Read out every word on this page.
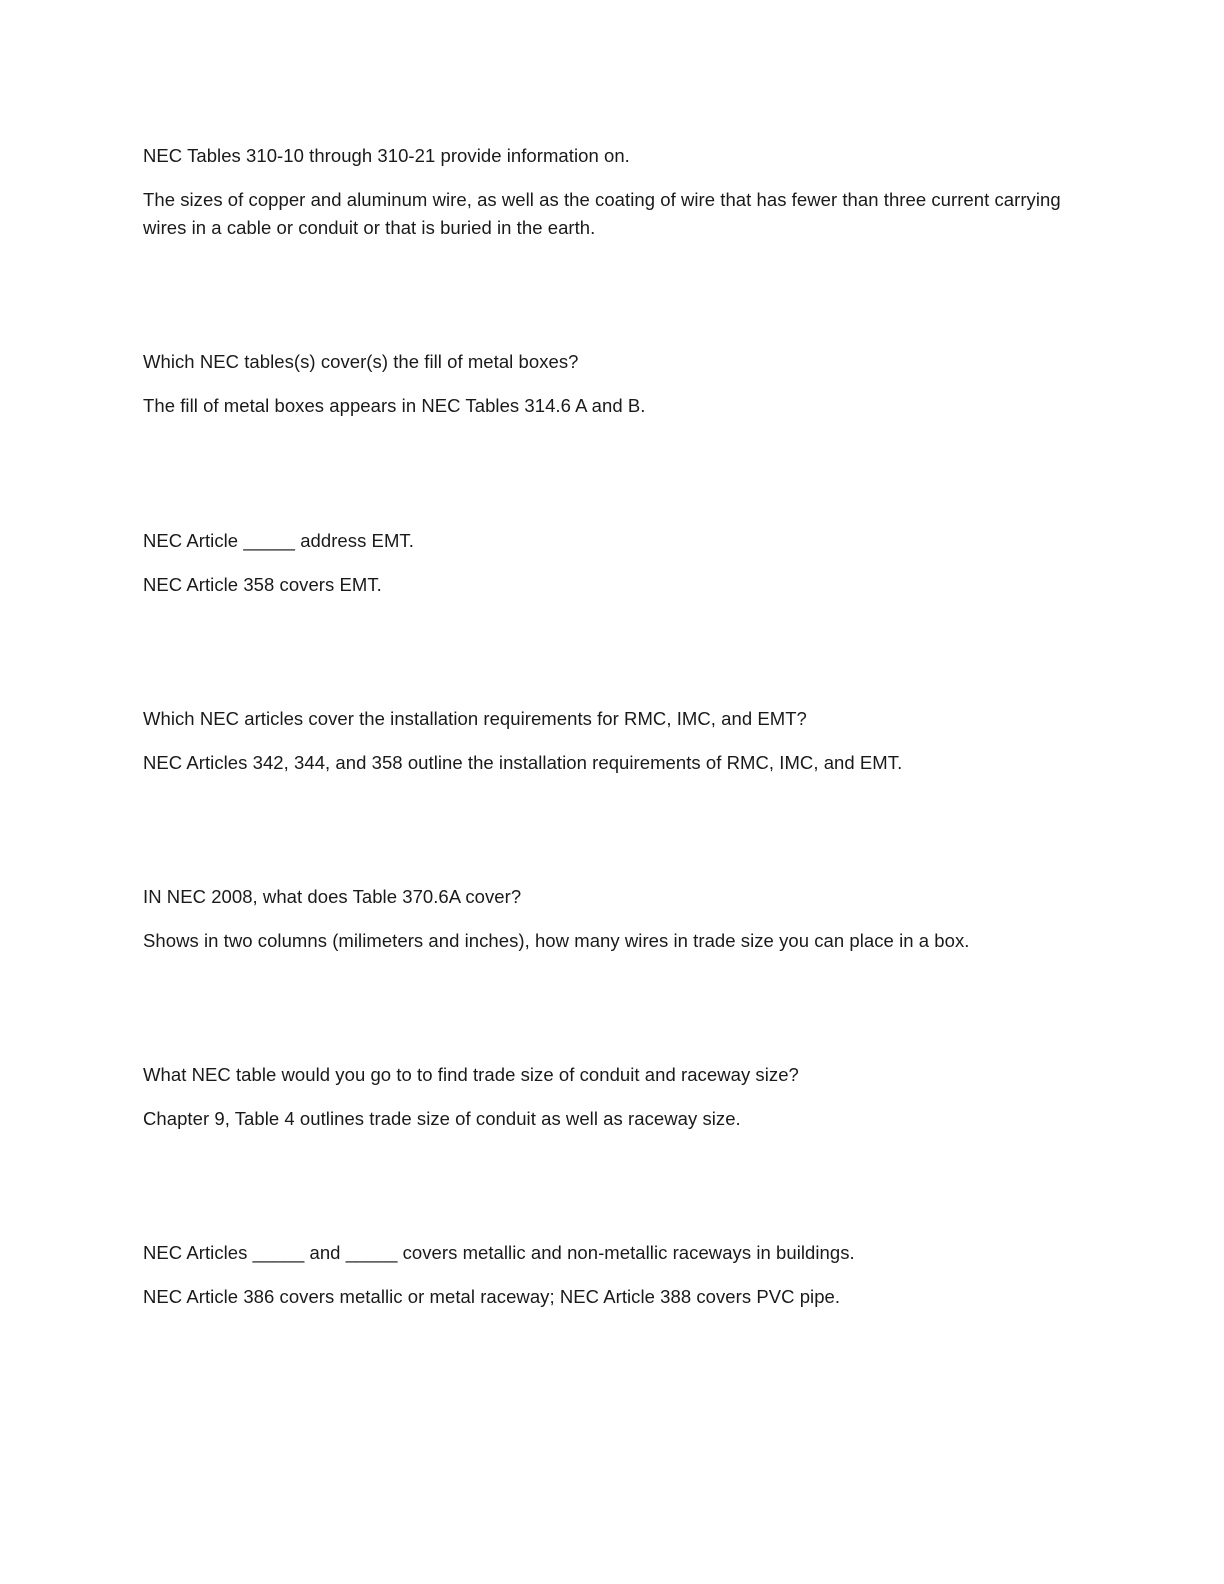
NEC Tables 310-10 through 310-21 provide information on.

The sizes of copper and aluminum wire, as well as the coating of wire that has fewer than three current carrying wires in a cable or conduit or that is buried in the earth.

Which NEC tables(s) cover(s) the fill of metal boxes?

The fill of metal boxes appears in NEC Tables 314.6 A and B.

NEC Article _____ address EMT.

NEC Article 358 covers EMT.

Which NEC articles cover the installation requirements for RMC, IMC, and EMT?

NEC Articles 342, 344, and 358 outline the installation requirements of RMC, IMC, and EMT.

IN NEC 2008, what does Table 370.6A cover?

Shows in two columns (milimeters and inches), how many wires in trade size you can place in a box.

What NEC table would you go to to find trade size of conduit and raceway size?

Chapter 9, Table 4 outlines trade size of conduit as well as raceway size.

NEC Articles _____ and _____ covers metallic and non-metallic raceways in buildings.

NEC Article 386 covers metallic or metal raceway; NEC Article 388 covers PVC pipe.
